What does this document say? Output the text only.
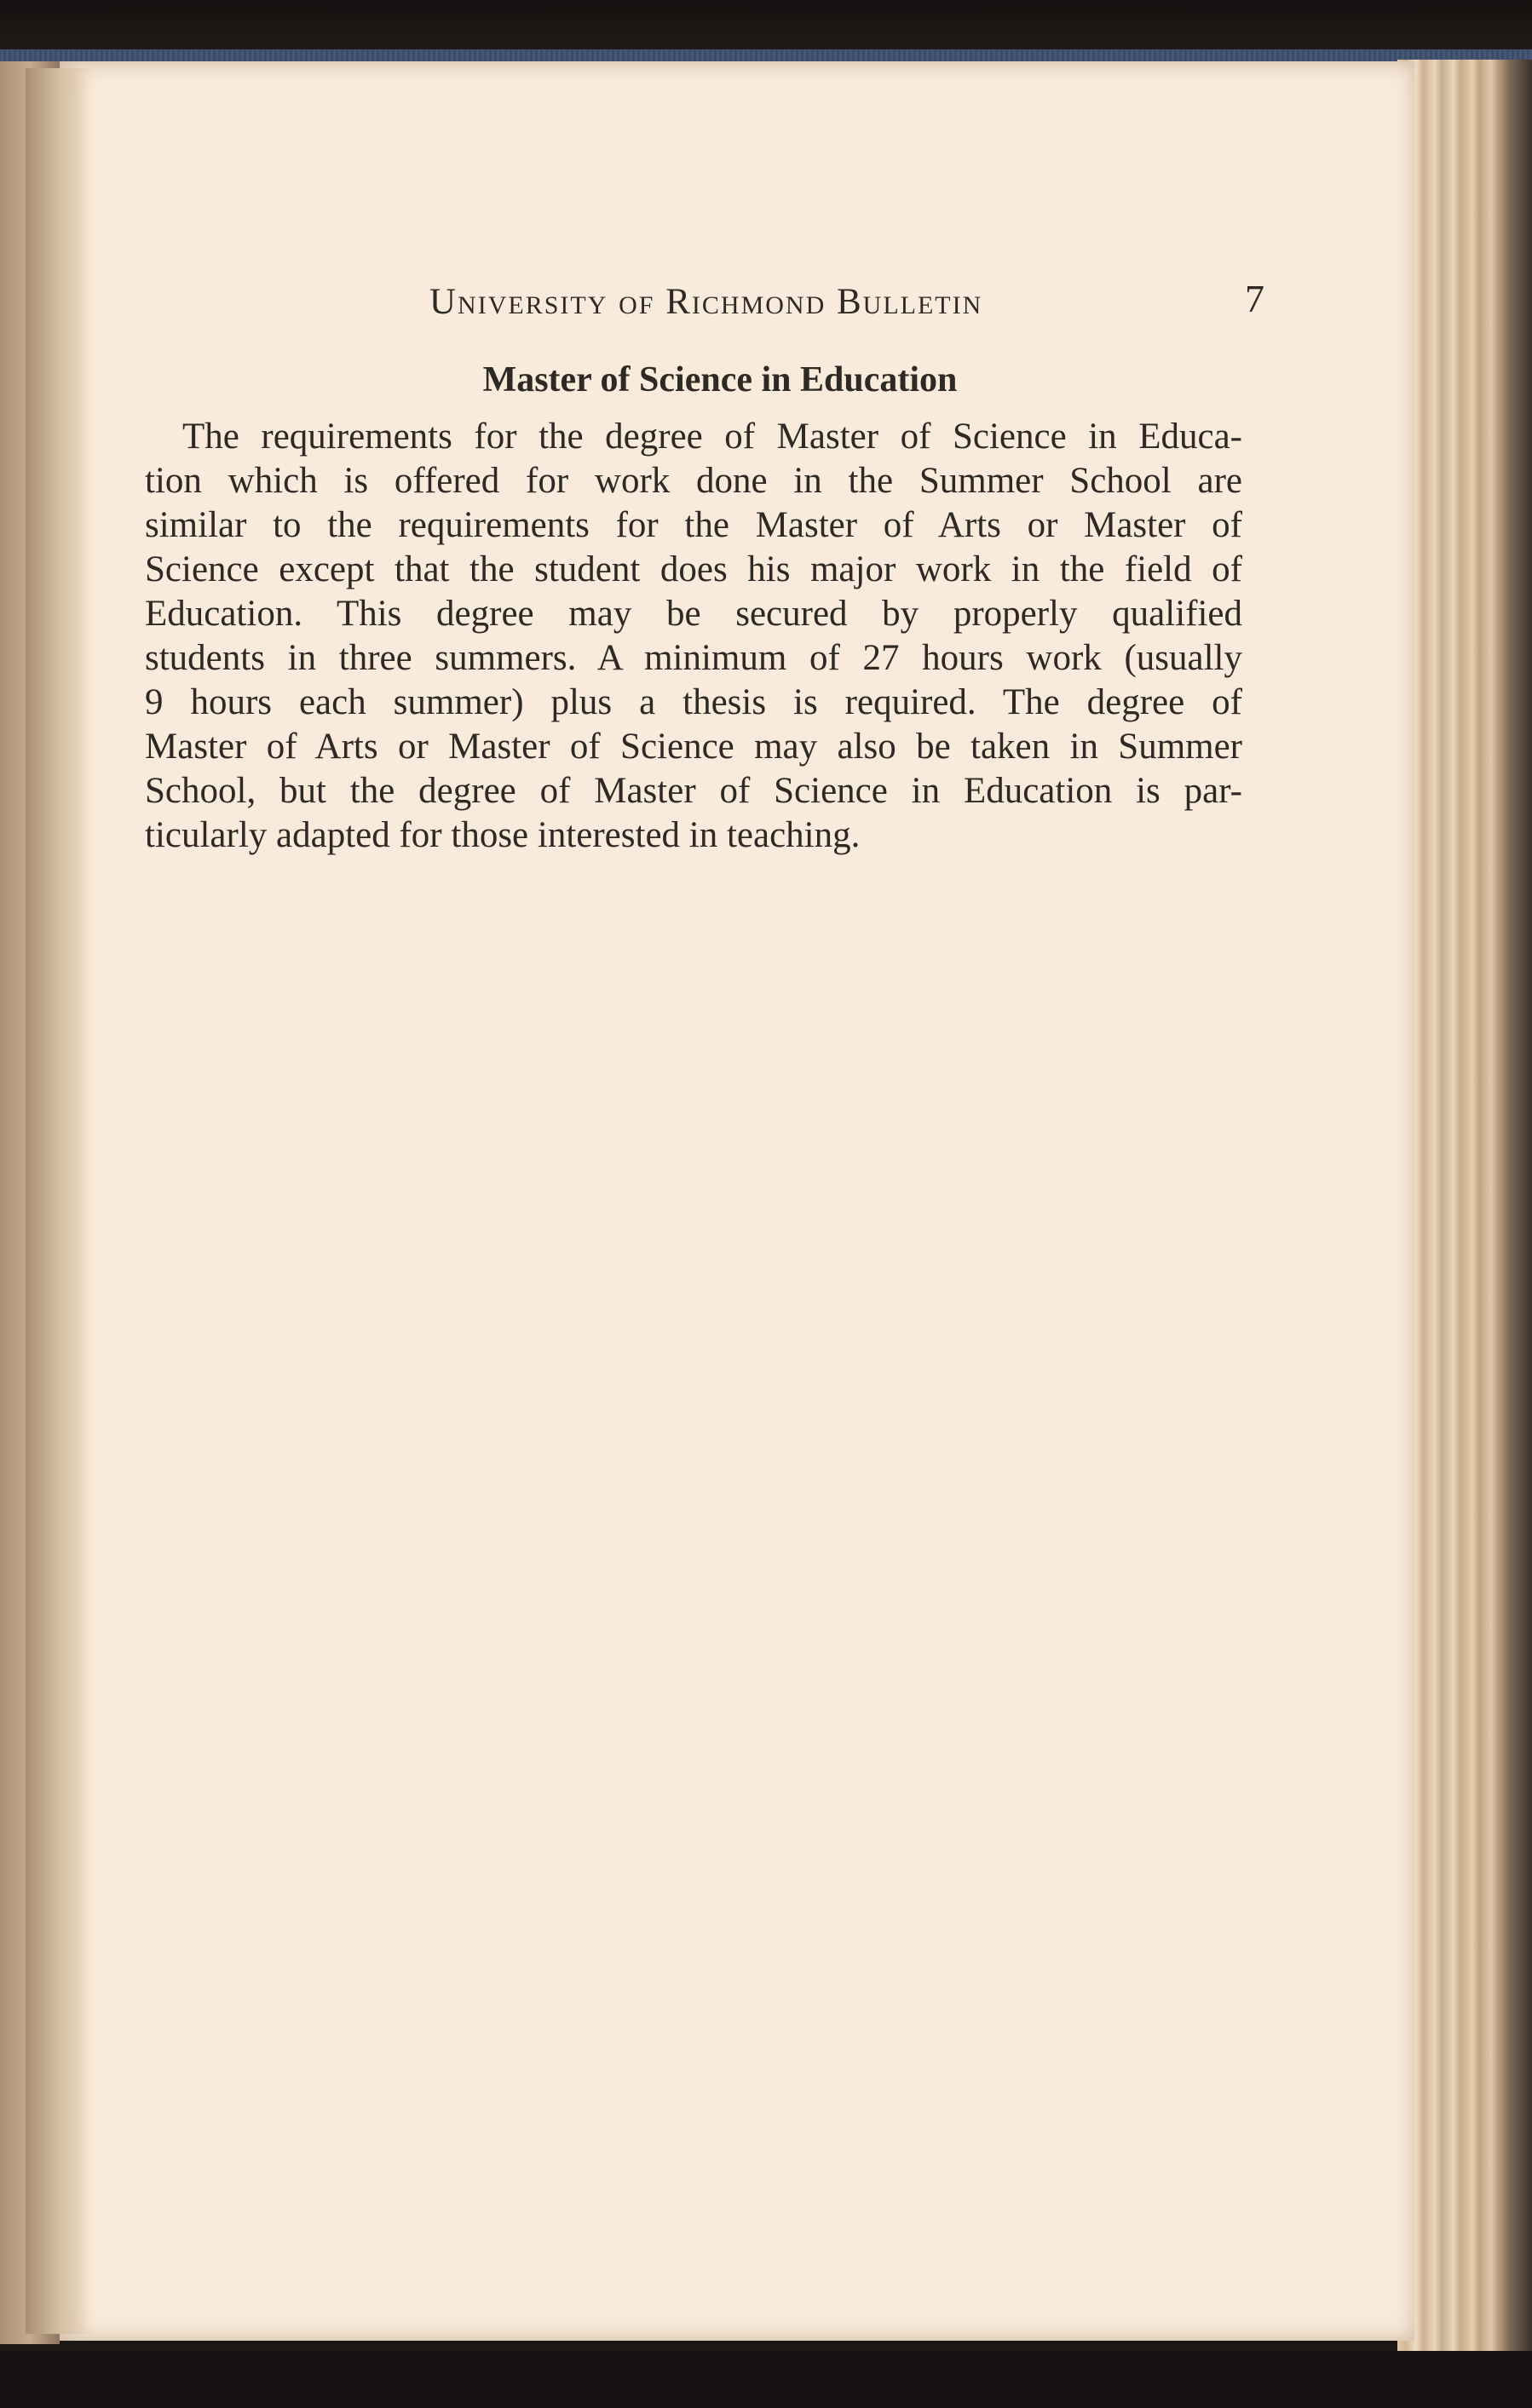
University of Richmond Bulletin	7
Master of Science in Education
The requirements for the degree of Master of Science in Educa-
tion which is offered for work done in the Summer School are
similar to the requirements for the Master of Arts or Master of
Science except that the student does his major work in the field of
Education. This degree may be secured by properly qualified
students in three summers. A minimum of 27 hours work (usually
9 hours each summer) plus a thesis is required. The degree of
Master of Arts or Master of Science may also be taken in Summer
School, but the degree of Master of Science in Education is par-
ticularly adapted for those interested in teaching.
